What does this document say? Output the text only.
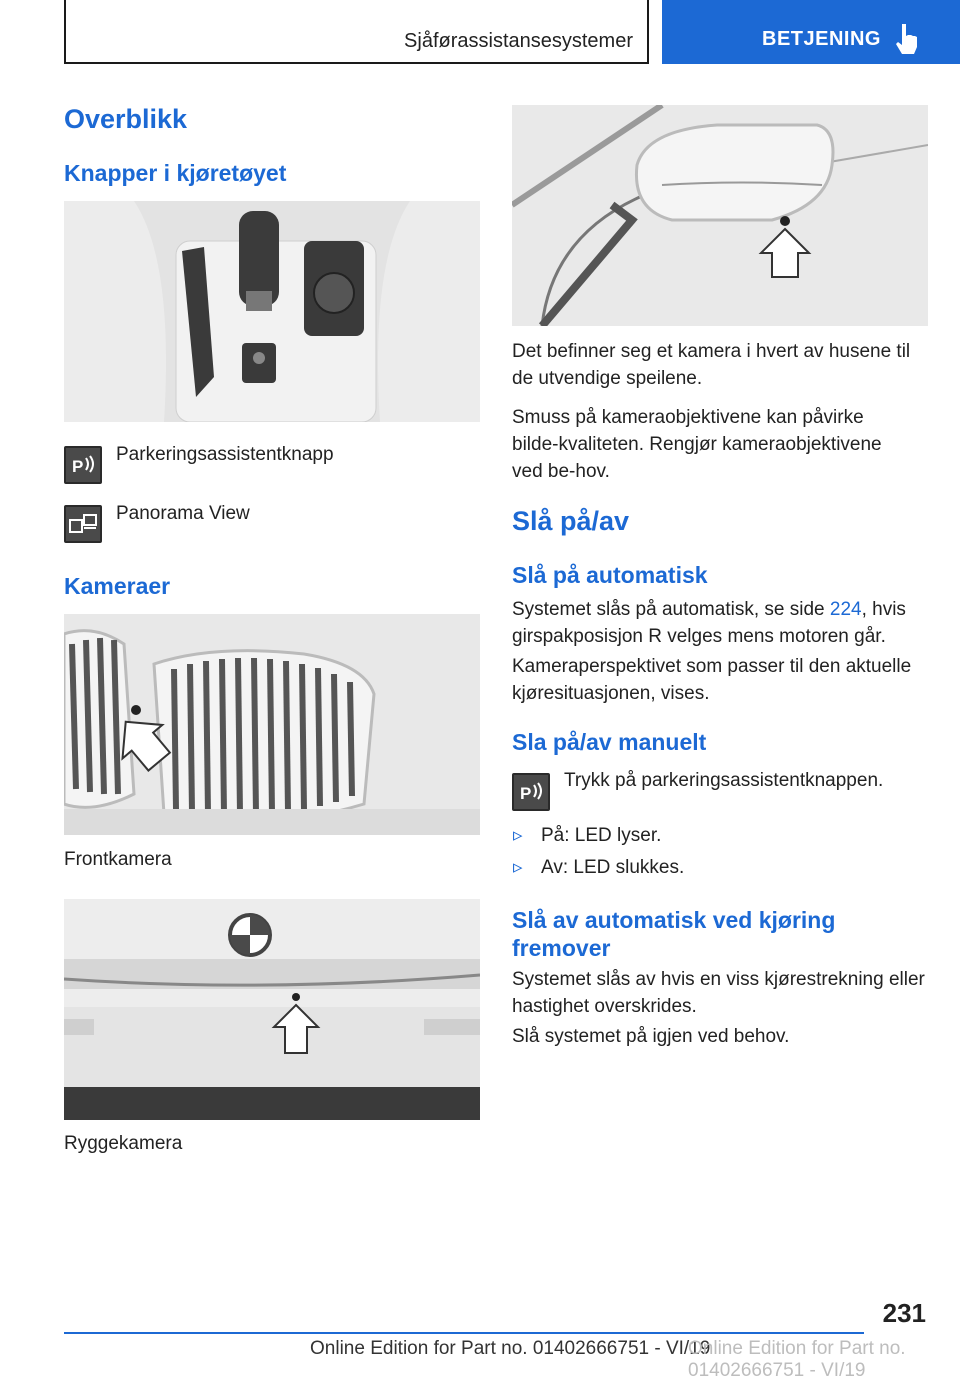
Sjåførassistansesystemer	BETJENING
Overblikk
Knapper i kjøretøyet
P
Parkeringsassistentknapp
Panorama View
Kameraer
Frontkamera
Ryggekamera
Det befinner seg et kamera i hvert av husene til de utvendige speilene.
Smuss på kameraobjektivene kan påvirke bilde-kvaliteten. Rengjør kameraobjektivene ved be-hov.
Slå på/av
Slå på automatisk
Systemet slås på automatisk, se side 224, hvis girspakposisjon R velges mens motoren går.
Kameraperspektivet som passer til den aktuelle kjøresituasjonen, vises.
Sla på/av manuelt
P
Trykk på parkeringsassistentknappen.
▹ På: LED lyser.
▹ Av: LED slukkes.
Slå av automatisk ved kjøring fremover
Systemet slås av hvis en viss kjørestrekning eller hastighet overskrides.
Slå systemet på igjen ved behov.
231
Online Edition for Part no. 01402666751 - VI/19
Online Edition for Part no. 01402666751 - VI/19
